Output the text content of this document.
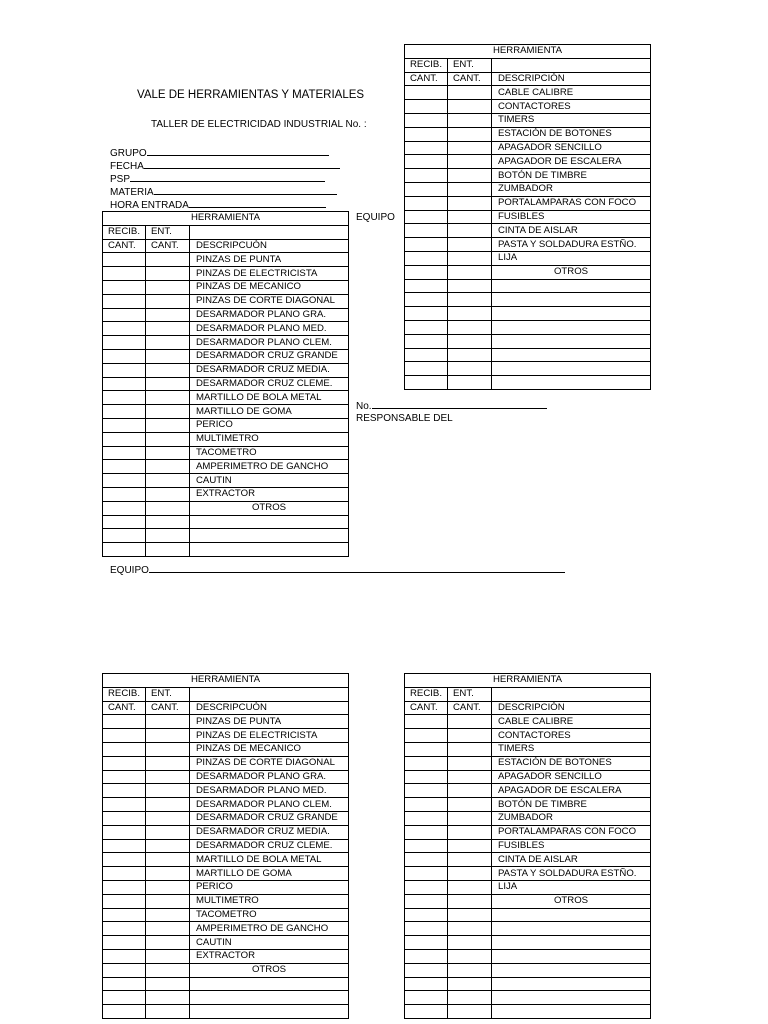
VALE DE HERRAMIENTAS Y MATERIALES
TALLER DE ELECTRICIDAD INDUSTRIAL No. :
GRUPO
FECHA
PSP
MATERIA
HORA ENTRADA
EQUIPO
No.
RESPONSABLE DEL
EQUIPO
HERRAMIENTA		
RECIB.	ENT.	
CANT.	CANT.	DESCRIPCIÓN
		CABLE CALIBRE
		CONTACTORES
		TIMERS
		ESTACIÓN DE BOTONES
		APAGADOR SENCILLO
		APAGADOR DE ESCALERA
		BOTÓN DE TIMBRE
		ZUMBADOR
		PORTALAMPARAS CON FOCO
		FUSIBLES
		CINTA DE AISLAR
		PASTA Y SOLDADURA ESTÑO.
		LIJA
		OTROS

HERRAMIENTA		
RECIB.	ENT.	
CANT.	CANT.	DESCRIPCUÓN
		PINZAS DE PUNTA
		PINZAS DE ELECTRICISTA
		PINZAS DE MECANICO
		PINZAS DE CORTE DIAGONAL
		DESARMADOR PLANO GRA.
		DESARMADOR PLANO MED.
		DESARMADOR PLANO CLEM.
		DESARMADOR CRUZ GRANDE
		DESARMADOR CRUZ MEDIA.
		DESARMADOR CRUZ CLEME.
		MARTILLO DE BOLA METAL
		MARTILLO DE GOMA
		PERICO
		MULTIMETRO
		TACOMETRO
		AMPERIMETRO DE GANCHO
		CAUTIN
		EXTRACTOR
		OTROS

HERRAMIENTA		
RECIB.	ENT.	
CANT.	CANT.	DESCRIPCUÓN
		PINZAS DE PUNTA
		PINZAS DE ELECTRICISTA
		PINZAS DE MECANICO
		PINZAS DE CORTE DIAGONAL
		DESARMADOR PLANO GRA.
		DESARMADOR PLANO MED.
		DESARMADOR PLANO CLEM.
		DESARMADOR CRUZ GRANDE
		DESARMADOR CRUZ MEDIA.
		DESARMADOR CRUZ CLEME.
		MARTILLO DE BOLA METAL
		MARTILLO DE GOMA
		PERICO
		MULTIMETRO
		TACOMETRO
		AMPERIMETRO DE GANCHO
		CAUTIN
		EXTRACTOR
		OTROS

HERRAMIENTA		
RECIB.	ENT.	
CANT.	CANT.	DESCRIPCIÓN
		CABLE CALIBRE
		CONTACTORES
		TIMERS
		ESTACIÓN DE BOTONES
		APAGADOR SENCILLO
		APAGADOR DE ESCALERA
		BOTÓN DE TIMBRE
		ZUMBADOR
		PORTALAMPARAS CON FOCO
		FUSIBLES
		CINTA DE AISLAR
		PASTA Y SOLDADURA ESTÑO.
		LIJA
		OTROS
